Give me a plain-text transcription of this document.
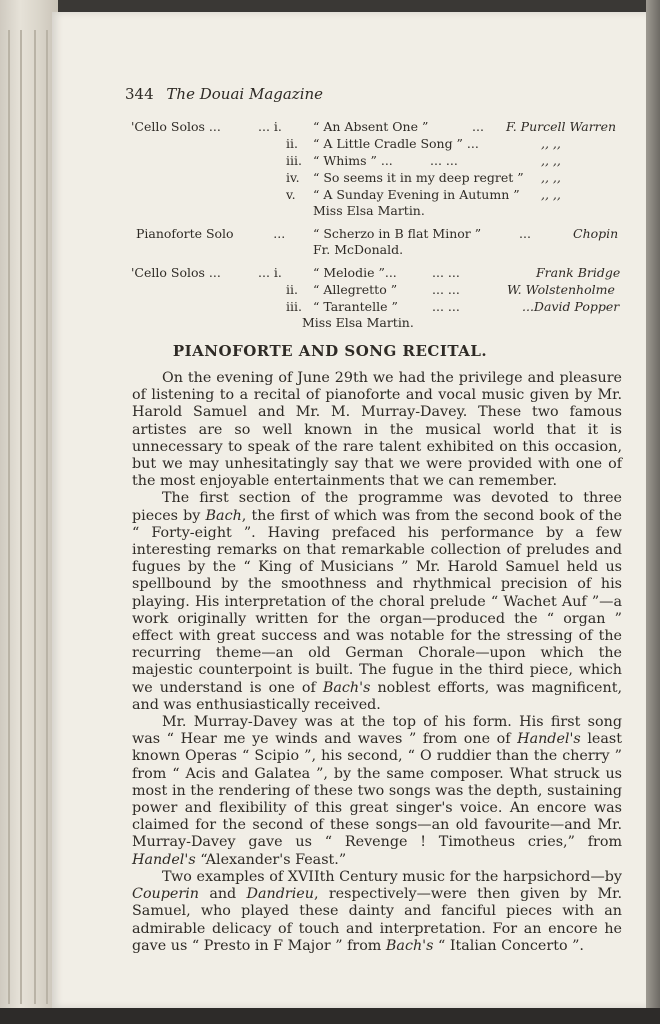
344 The Douai Magazine
'Cello Solos ...	... i. “ An Absent One ”	... F. Purcell Warren
ii. “ A Little Cradle Song ” ...	,, ,,
iii. “ Whims ” ...	... ...	,, ,,
iv. “ So seems it in my deep regret ” ,, ,,
v. “ A Sunday Evening in Autumn ” ,, ,,
Miss Elsa Martin.
Pianoforte Solo          ... “ Scherzo in B flat Minor ”	...	Chopin
Fr. McDonald.
'Cello Solos ...	... i. “ Melodie ”...	... ...	Frank Bridge
ii. “ Allegretto ”	... ...	W. Wolstenholme
iii. “ Tarantelle ”	... ...	...David Popper
Miss Elsa Martin.
PIANOFORTE AND SONG RECITAL.

On the evening of June 29th we had the privilege and pleasure of listening to a recital of pianoforte and vocal music given by Mr. Harold Samuel and Mr. M. Murray-Davey. These two famous artistes are so well known in the musical world that it is unnecessary to speak of the rare talent exhibited on this occasion, but we may unhesitatingly say that we were provided with one of the most enjoyable entertainments that we can remember.

The first section of the programme was devoted to three pieces by Bach, the first of which was from the second book of the “ Forty-eight ”. Having prefaced his performance by a few interesting remarks on that remarkable collection of preludes and fugues by the “ King of Musicians ” Mr. Harold Samuel held us spellbound by the smoothness and rhythmical precision of his playing. His interpretation of the choral prelude “ Wachet Auf ”—a work originally written for the organ—produced the “ organ ” effect with great success and was notable for the stressing of the recurring theme—an old German Chorale—upon which the majestic counterpoint is built. The fugue in the third piece, which we understand is one of Bach's noblest efforts, was magnificent, and was enthusiastically received.

Mr. Murray-Davey was at the top of his form. His first song was “ Hear me ye winds and waves ” from one of Handel's least known Operas “ Scipio ”, his second, “ O ruddier than the cherry ” from “ Acis and Galatea ”, by the same composer. What struck us most in the rendering of these two songs was the depth, sustaining power and flexibility of this great singer's voice. An encore was claimed for the second of these songs—an old favourite—and Mr. Murray-Davey gave us “ Revenge ! Timotheus cries,” from Handel's “Alexander's Feast.”

Two examples of XVIIth Century music for the harpsichord—by Couperin and Dandrieu, respectively—were then given by Mr. Samuel, who played these dainty and fanciful pieces with an admirable delicacy of touch and interpretation. For an encore he gave us “ Presto in F Major ” from Bach's “ Italian Concerto ”.
